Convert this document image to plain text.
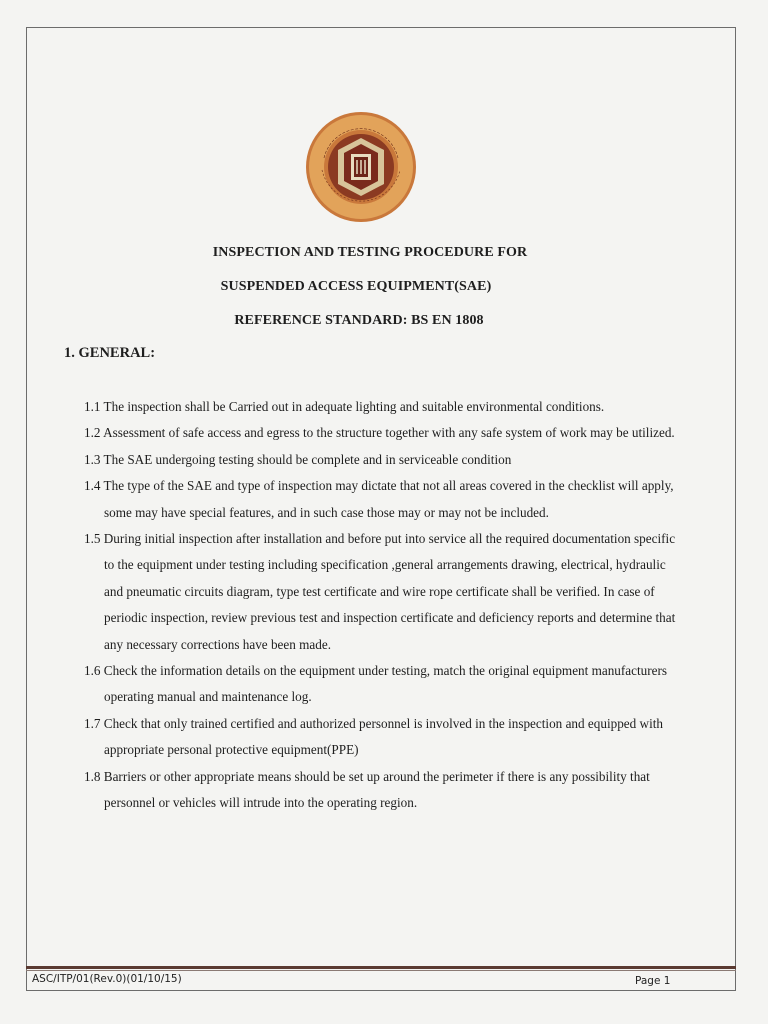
INSPECTION AND TESTING PROCEDURE FOR
SUSPENDED ACCESS EQUIPMENT(SAE)
REFERENCE STANDARD: BS EN 1808
1. GENERAL:
1.1 The inspection shall be Carried out in adequate lighting and suitable environmental conditions.
1.2 Assessment of safe access and egress to the structure together with any safe system of work may be utilized.
1.3 The SAE undergoing testing should be complete and in serviceable condition
1.4 The type of the SAE and type of inspection may dictate that not all areas covered in the checklist will apply, some may have special features, and in such case those may or may not be included.
1.5 During initial inspection after installation and before put into service all the required documentation specific to the equipment under testing including specification ,general arrangements drawing, electrical, hydraulic and pneumatic circuits diagram, type test certificate and wire rope certificate shall be verified. In case of periodic inspection, review previous test and inspection certificate and deficiency reports and determine that any necessary corrections have been made.
1.6 Check the information details on the equipment under testing, match the original equipment manufacturers operating manual and maintenance log.
1.7 Check that only trained certified and authorized personnel is involved in the inspection and equipped with appropriate personal protective equipment(PPE)
1.8 Barriers or other appropriate means should be set up around the perimeter if there is any possibility that personnel or vehicles will intrude into the operating region.
ASC/ITP/01(Rev.0)(01/10/15)	Page 1
